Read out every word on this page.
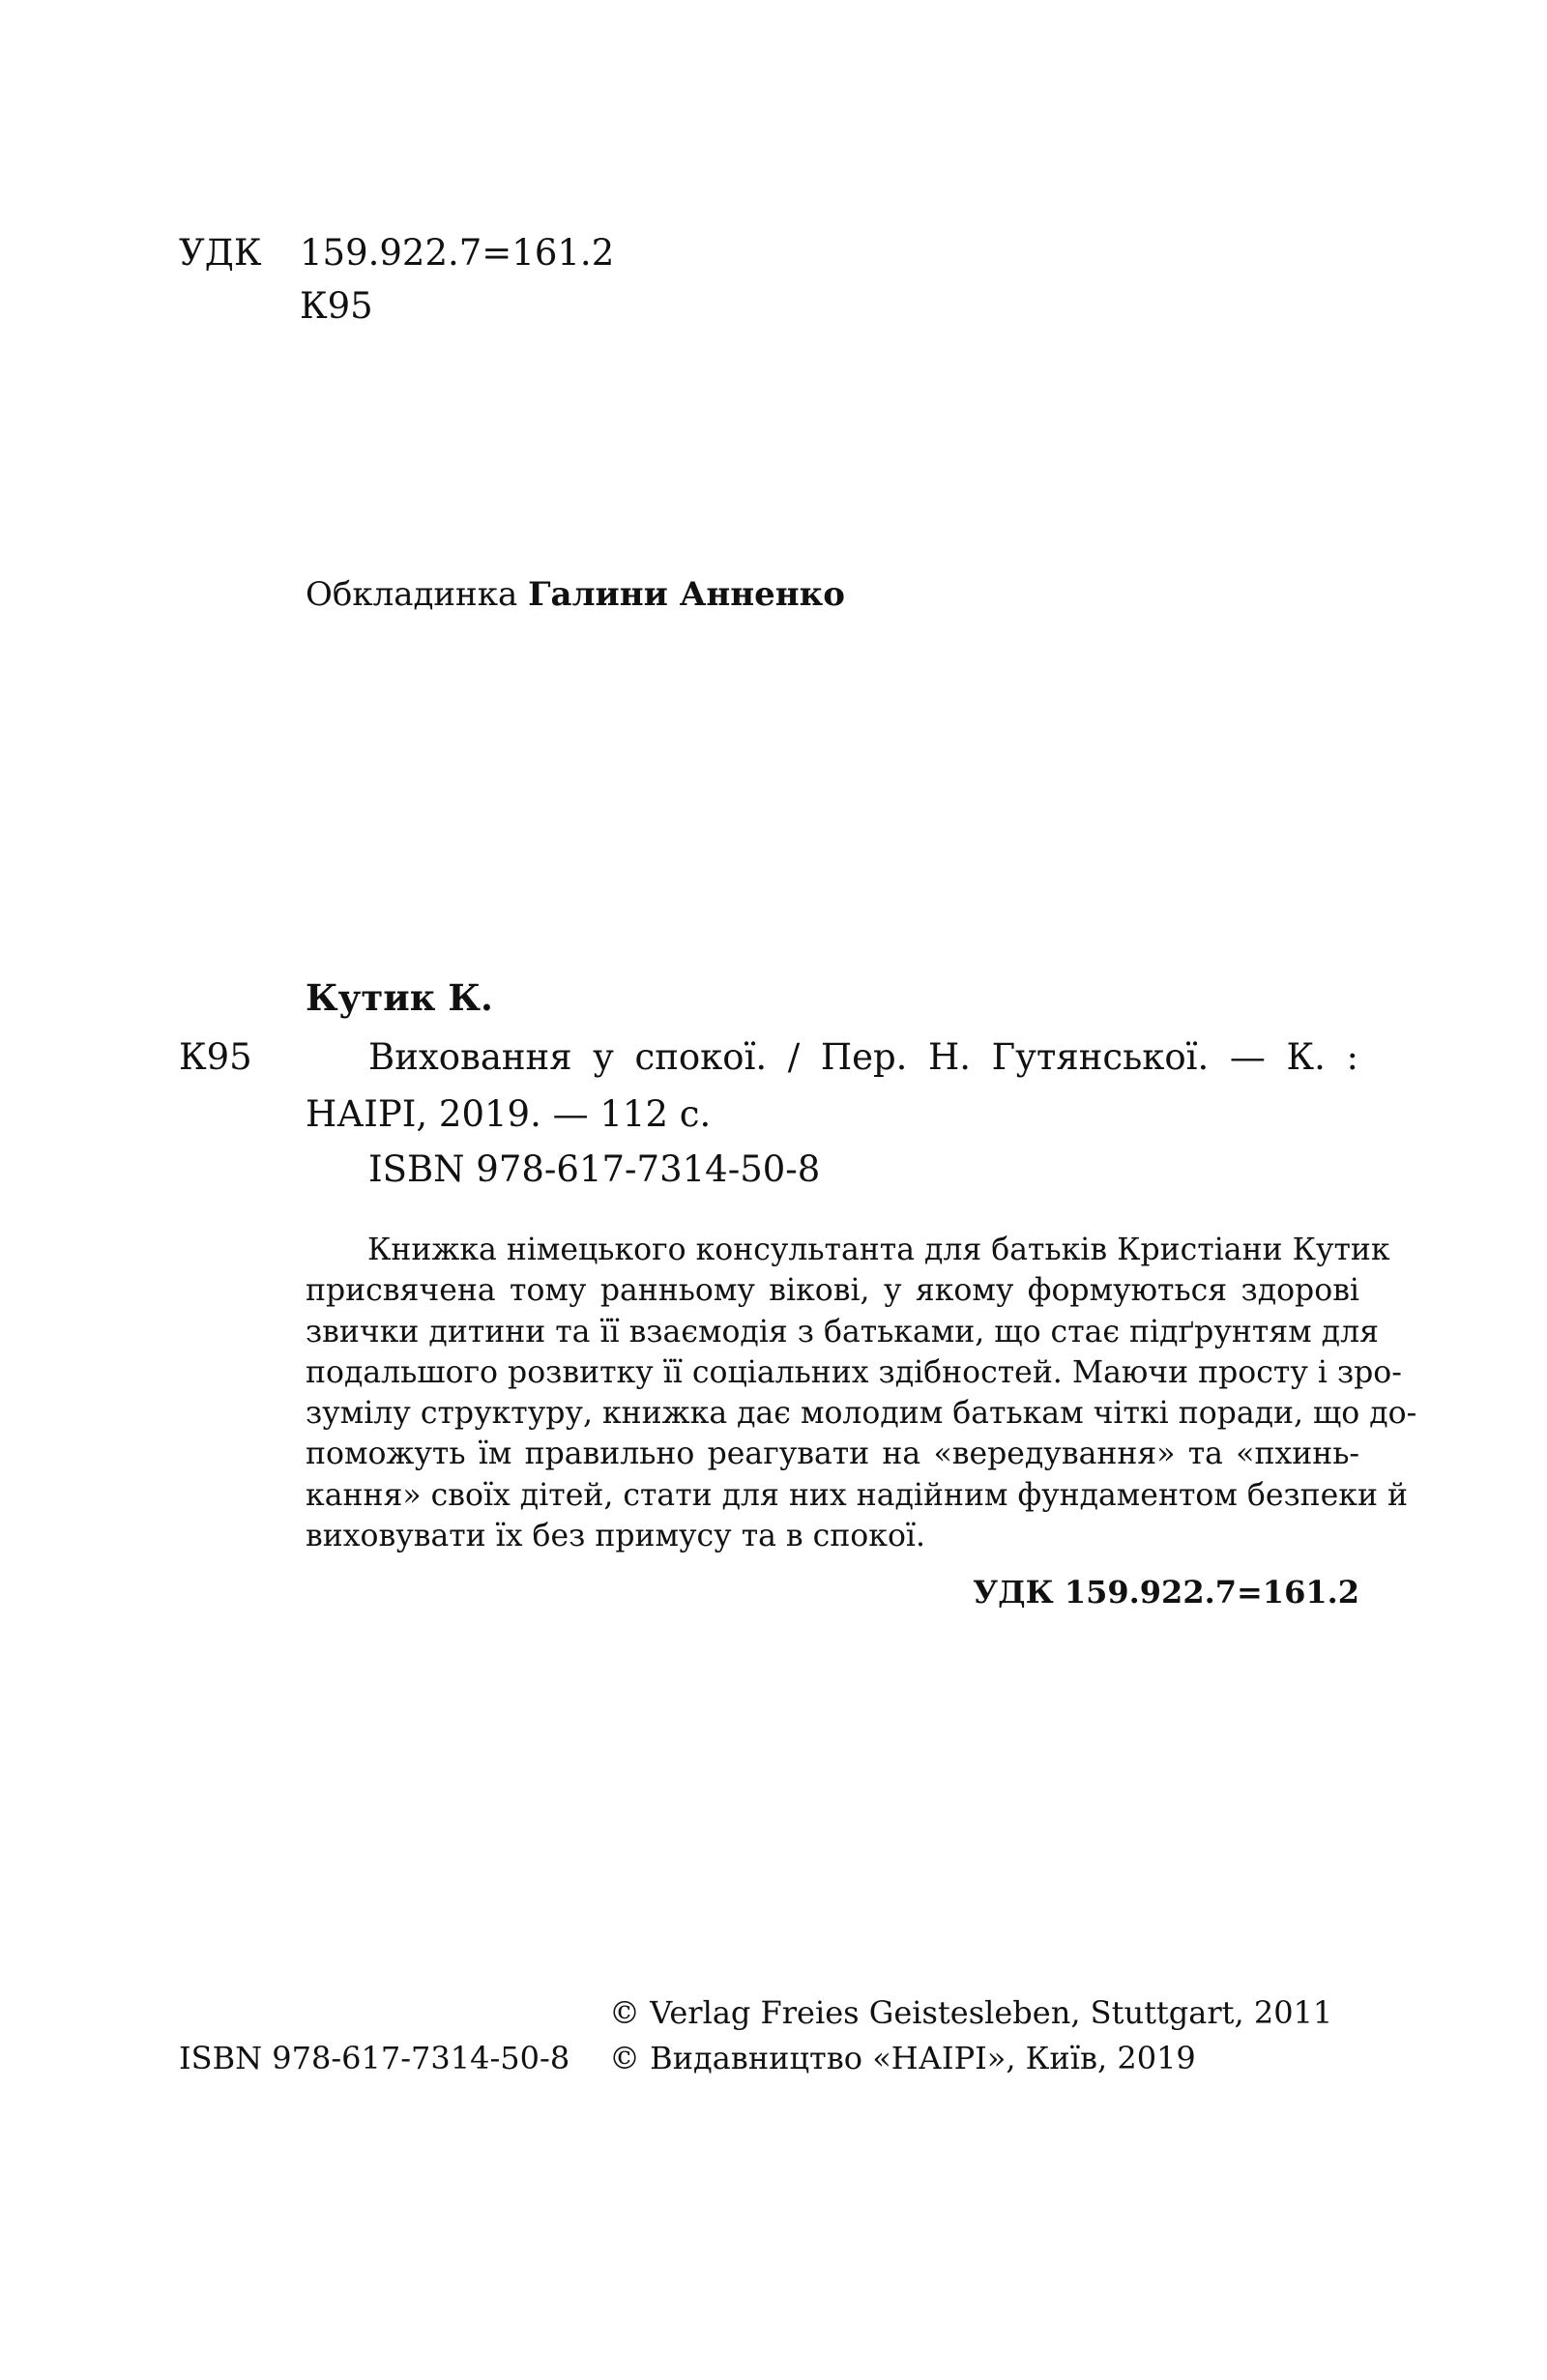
УДК 159.922.7=161.2
К95
Обкладинка Галини Анненко
Кутик К.
К95	Виховання у спокої. / Пер. Н. Гутянської. — К. :
НАІРІ, 2019. — 112 с.
ISBN 978-617-7314-50-8
Книжка німецького консультанта для батьків Кристіани Кутик
присвячена тому ранньому вікові, у якому формуються здорові
звички дитини та її взаємодія з батьками, що стає підґрунтям для
подальшого розвитку її соціальних здібностей. Маючи просту і зро-
зумілу структуру, книжка дає молодим батькам чіткі поради, що до-
поможуть їм правильно реагувати на «вередування» та «пхинь-
кання» своїх дітей, стати для них надійним фундаментом безпеки й
виховувати їх без примусу та в спокої.
УДК 159.922.7=161.2
© Verlag Freies Geistesleben, Stuttgart, 2011
ISBN 978-617-7314-50-8 © Видавництво «НАІРІ», Київ, 2019
